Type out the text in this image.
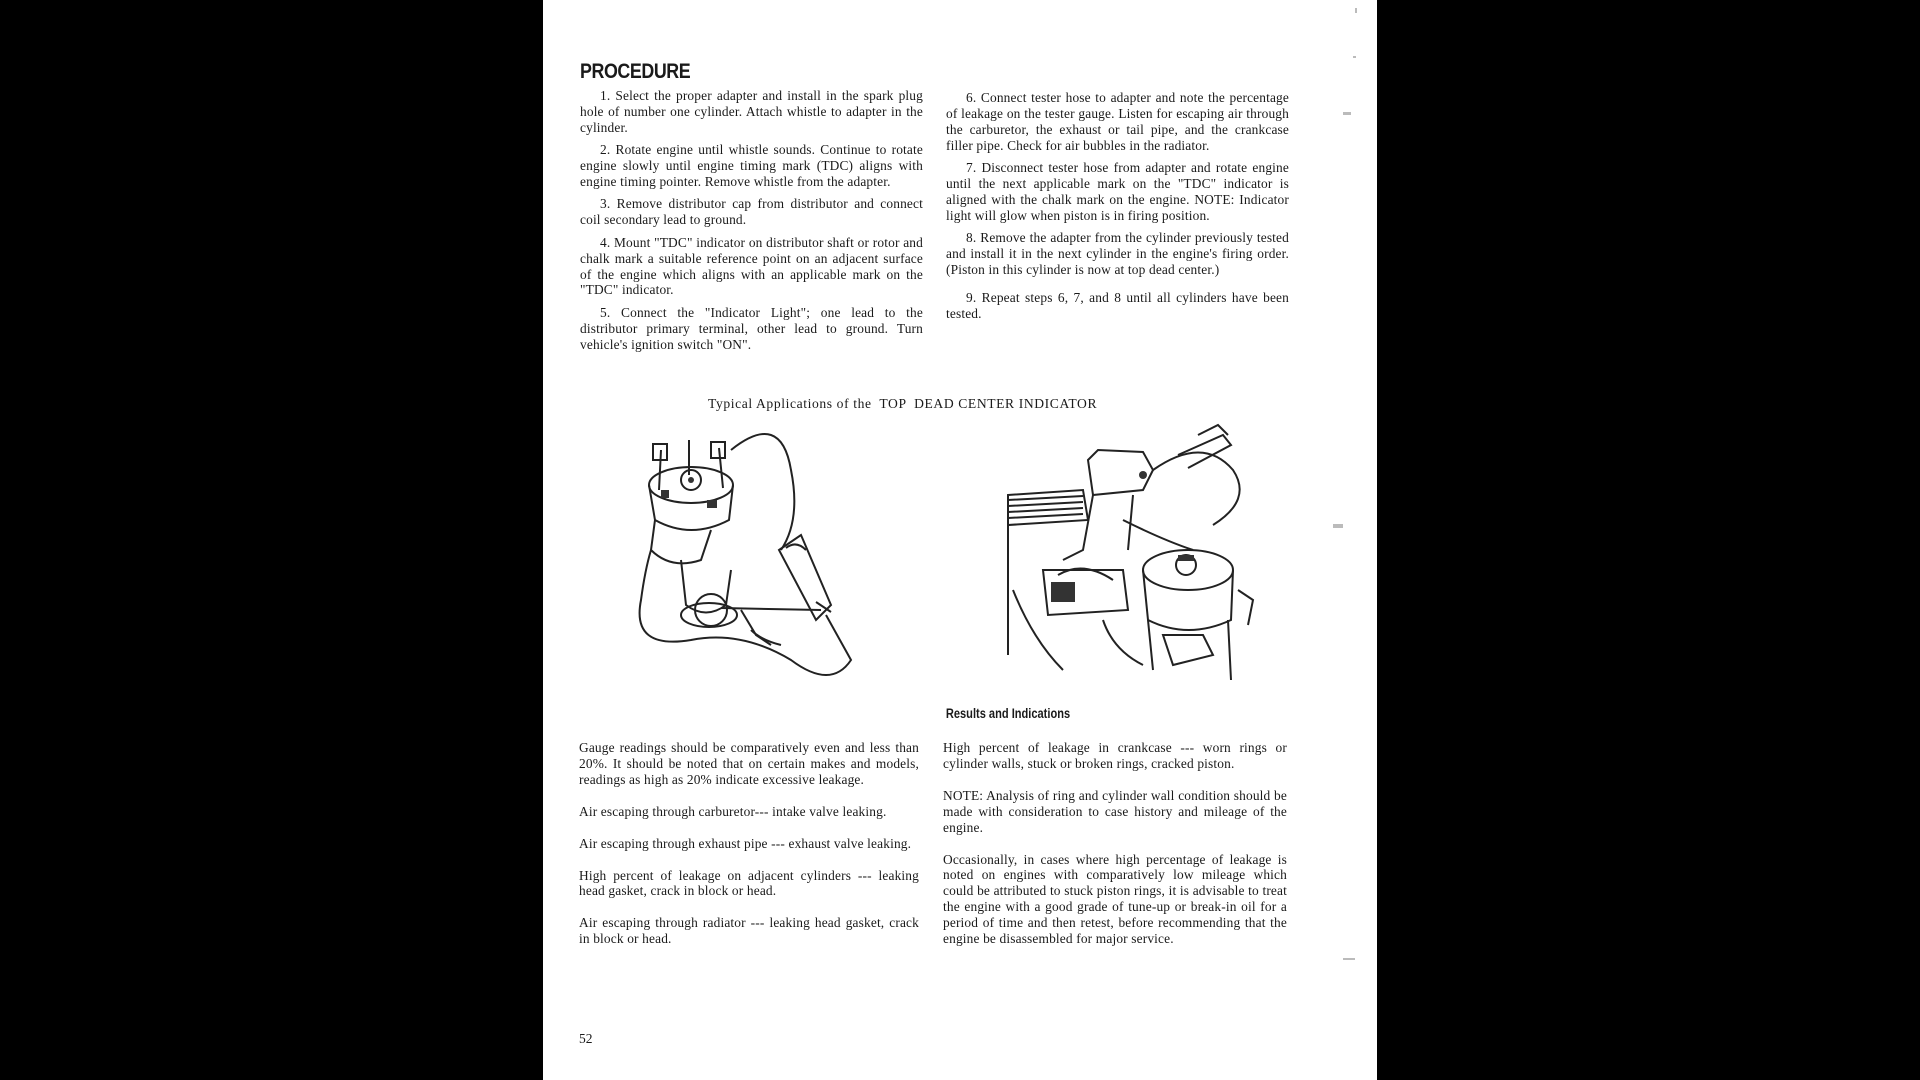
PROCEDURE

1. Select the proper adapter and install in the spark plug hole of number one cylinder. Attach whistle to adapter in the cylinder.

2. Rotate engine until whistle sounds. Continue to rotate engine slowly until engine timing mark (TDC) aligns with engine timing pointer. Remove whistle from the adapter.

3. Remove distributor cap from distributor and connect coil secondary lead to ground.

4. Mount "TDC" indicator on distributor shaft or rotor and chalk mark a suitable reference point on an adjacent surface of the engine which aligns with an applicable mark on the "TDC" indicator.

5. Connect the "Indicator Light"; one lead to the distributor primary terminal, other lead to ground. Turn vehicle's ignition switch "ON".

6. Connect tester hose to adapter and note the percentage of leakage on the tester gauge. Listen for escaping air through the carburetor, the exhaust or tail pipe, and the crankcase filler pipe. Check for air bubbles in the radiator.

7. Disconnect tester hose from adapter and rotate engine until the next applicable mark on the "TDC" indicator is aligned with the chalk mark on the engine. NOTE: Indicator light will glow when piston is in firing position.

8. Remove the adapter from the cylinder previously tested and install it in the next cylinder in the engine's firing order. (Piston in this cylinder is now at top dead center.)

9. Repeat steps 6, 7, and 8 until all cylinders have been tested.

Typical Applications of the  TOP  DEAD CENTER INDICATOR
Results and Indications

Gauge readings should be comparatively even and less than 20%. It should be noted that on certain makes and models, readings as high as 20% indicate excessive leakage.

Air escaping through carburetor--- intake valve leaking.

Air escaping through exhaust pipe --- exhaust valve leaking.

High percent of leakage on adjacent cylinders --- leaking head gasket, crack in block or head.

Air escaping through radiator --- leaking head gasket, crack in block or head.

High percent of leakage in crankcase --- worn rings or cylinder walls, stuck or broken rings, cracked piston.

NOTE: Analysis of ring and cylinder wall condition should be made with consideration to case history and mileage of the engine.

Occasionally, in cases where high percentage of leakage is noted on engines with comparatively low mileage which could be attributed to stuck piston rings, it is advisable to treat the engine with a good grade of tune-up or break-in oil for a period of time and then retest, before recommending that the engine be disassembled for major service.

52
